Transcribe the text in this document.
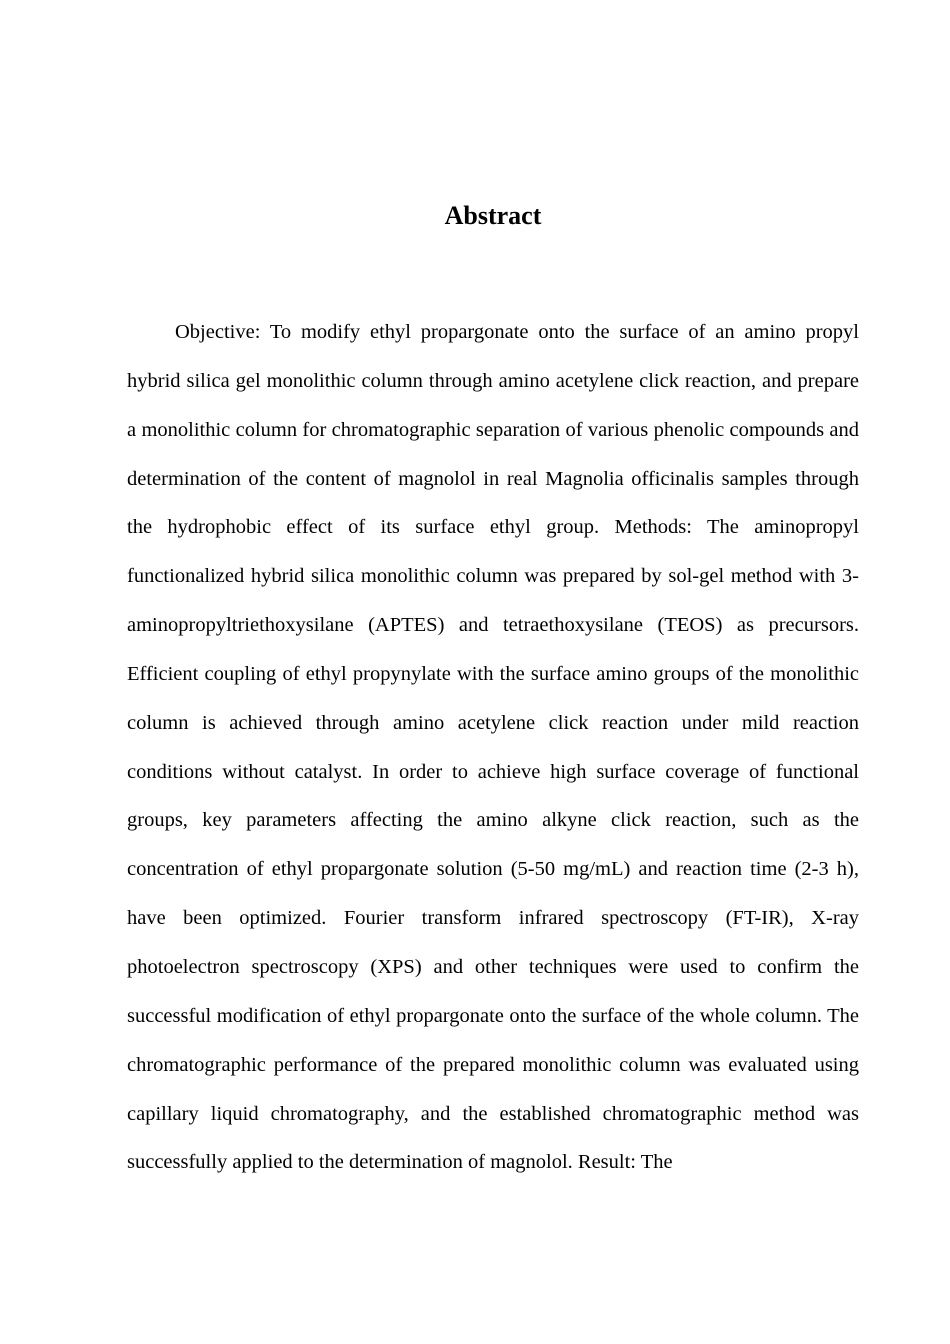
Abstract

Objective: To modify ethyl propargonate onto the surface of an amino propyl hybrid silica gel monolithic column through amino acetylene click reaction, and prepare a monolithic column for chromatographic separation of various phenolic compounds and determination of the content of magnolol in real Magnolia officinalis samples through the hydrophobic effect of its surface ethyl group. Methods: The aminopropyl functionalized hybrid silica monolithic column was prepared by sol-gel method with 3-aminopropyltriethoxysilane (APTES) and tetraethoxysilane (TEOS) as precursors. Efficient coupling of ethyl propynylate with the surface amino groups of the monolithic column is achieved through amino acetylene click reaction under mild reaction conditions without catalyst. In order to achieve high surface coverage of functional groups, key parameters affecting the amino alkyne click reaction, such as the concentration of ethyl propargonate solution (5-50 mg/mL) and reaction time (2-3 h), have been optimized. Fourier transform infrared spectroscopy (FT-IR), X-ray photoelectron spectroscopy (XPS) and other techniques were used to confirm the successful modification of ethyl propargonate onto the surface of the whole column. The chromatographic performance of the prepared monolithic column was evaluated using capillary liquid chromatography, and the established chromatographic method was successfully applied to the determination of magnolol. Result: The
